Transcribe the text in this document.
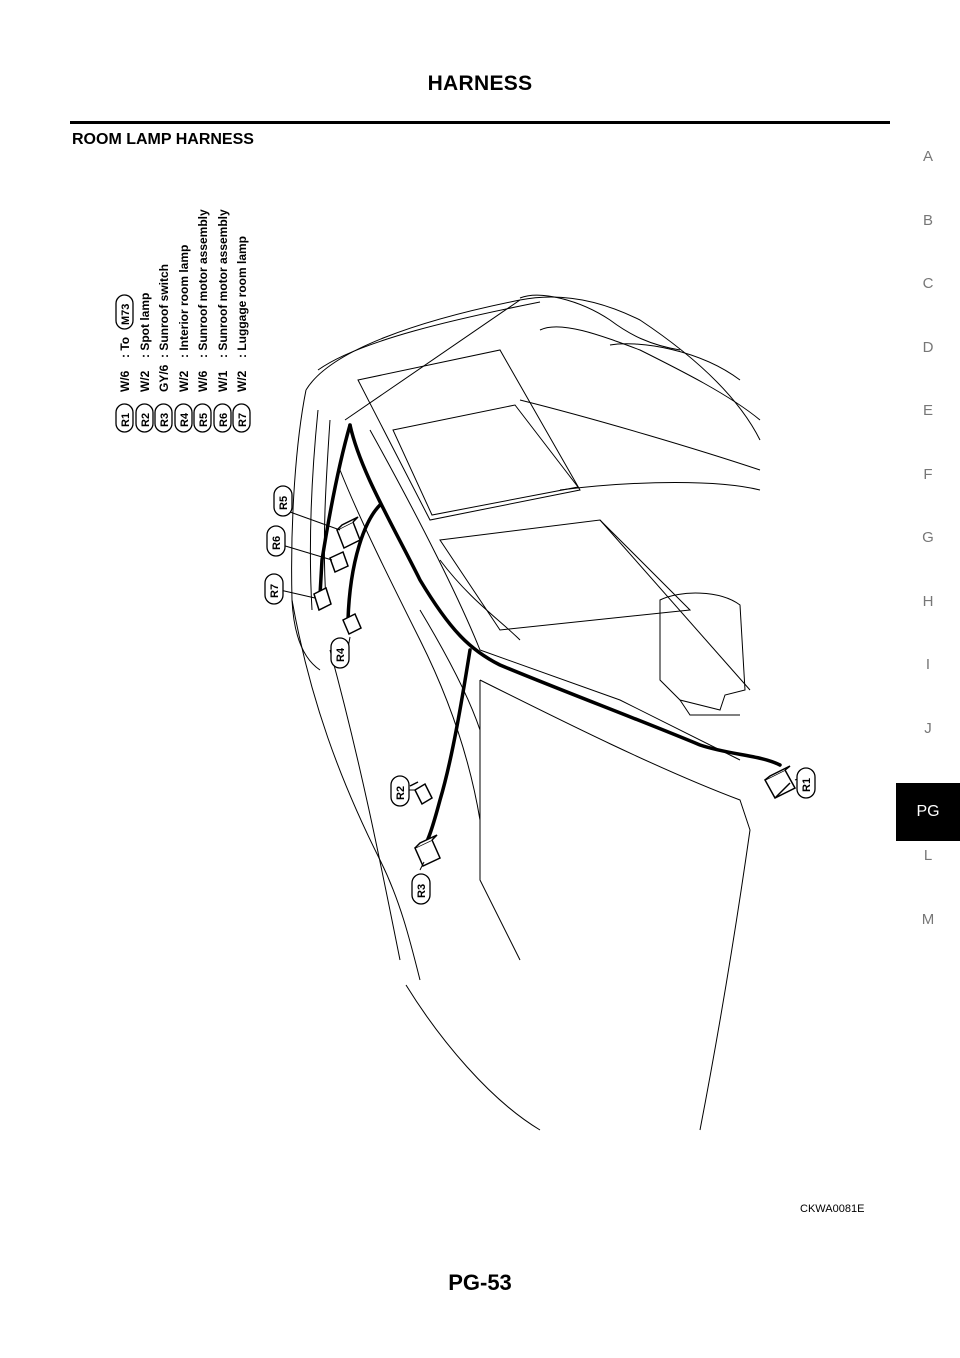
HARNESS
ROOM LAMP HARNESS
A
B
C
D
E
F
G
H
I
J
PG
L
M
R1
W/6
: To
M73
R2
W/2
: Spot lamp
R3
GY/6
: Sunroof switch
R4
W/2
: Interior room lamp
R5
W/6
: Sunroof motor assembly
R6
W/1
: Sunroof motor assembly
R7
W/2
: Luggage room lamp
R5
R6
R7
R4
R2
R3
R1
CKWA0081E
PG-53
